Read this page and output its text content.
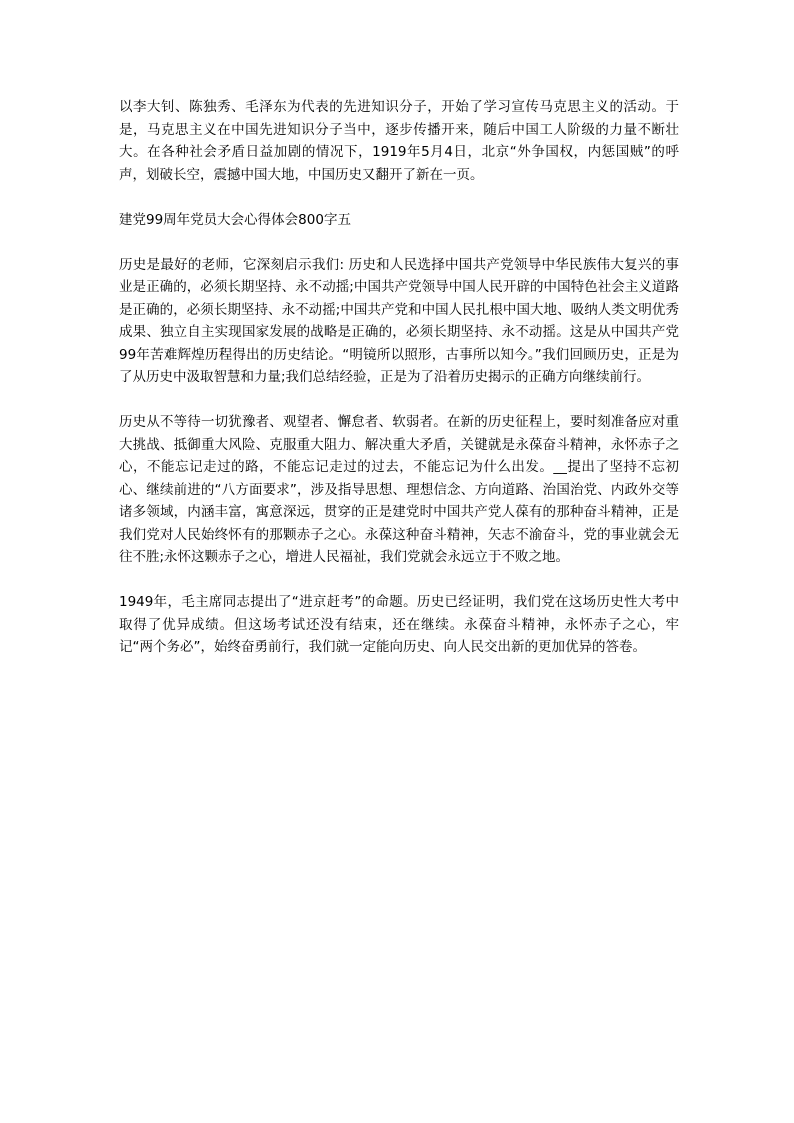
以李大钊、陈独秀、毛泽东为代表的先进知识分子，开始了学习宣传马克思主义的活动。于是，马克思主义在中国先进知识分子当中，逐步传播开来，随后中国工人阶级的力量不断壮大。在各种社会矛盾日益加剧的情况下，1919年5月4日，北京“外争国权，内惩国贼”的呼声，划破长空，震撼中国大地，中国历史又翻开了新在一页。

建党99周年党员大会心得体会800字五

历史是最好的老师，它深刻启示我们: 历史和人民选择中国共产党领导中华民族伟大复兴的事业是正确的，必须长期坚持、永不动摇;中国共产党领导中国人民开辟的中国特色社会主义道路是正确的，必须长期坚持、永不动摇;中国共产党和中国人民扎根中国大地、吸纳人类文明优秀成果、独立自主实现国家发展的战略是正确的，必须长期坚持、永不动摇。这是从中国共产党99年苦难辉煌历程得出的历史结论。“明镜所以照形，古事所以知今。”我们回顾历史，正是为了从历史中汲取智慧和力量;我们总结经验，正是为了沿着历史揭示的正确方向继续前行。

历史从不等待一切犹豫者、观望者、懈怠者、软弱者。在新的历史征程上，要时刻准备应对重大挑战、抵御重大风险、克服重大阻力、解决重大矛盾，关键就是永葆奋斗精神，永怀赤子之心，不能忘记走过的路，不能忘记走过的过去，不能忘记为什么出发。__提出了坚持不忘初心、继续前进的“八方面要求”，涉及指导思想、理想信念、方向道路、治国治党、内政外交等诸多领域，内涵丰富，寓意深远，贯穿的正是建党时中国共产党人葆有的那种奋斗精神，正是我们党对人民始终怀有的那颗赤子之心。永葆这种奋斗精神，矢志不渝奋斗，党的事业就会无往不胜;永怀这颗赤子之心，增进人民福祉，我们党就会永远立于不败之地。

1949年，毛主席同志提出了“进京赶考”的命题。历史已经证明，我们党在这场历史性大考中取得了优异成绩。但这场考试还没有结束，还在继续。永葆奋斗精神，永怀赤子之心，牢记“两个务必”，始终奋勇前行，我们就一定能向历史、向人民交出新的更加优异的答卷。
